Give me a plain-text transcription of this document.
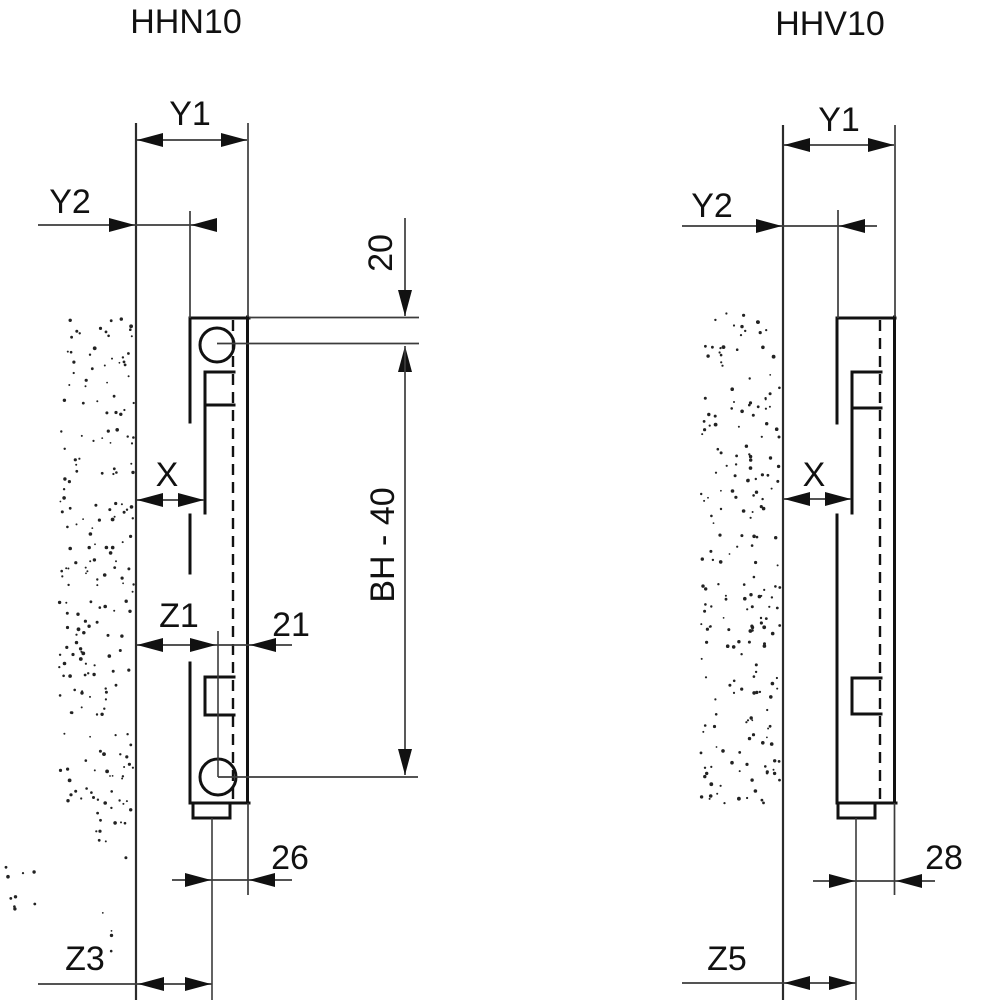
HHN10
Y1
Y2
X
20
BH - 40
Z1 21
26
Z3
HHV10
Y1
Y2
X
28
Z5
